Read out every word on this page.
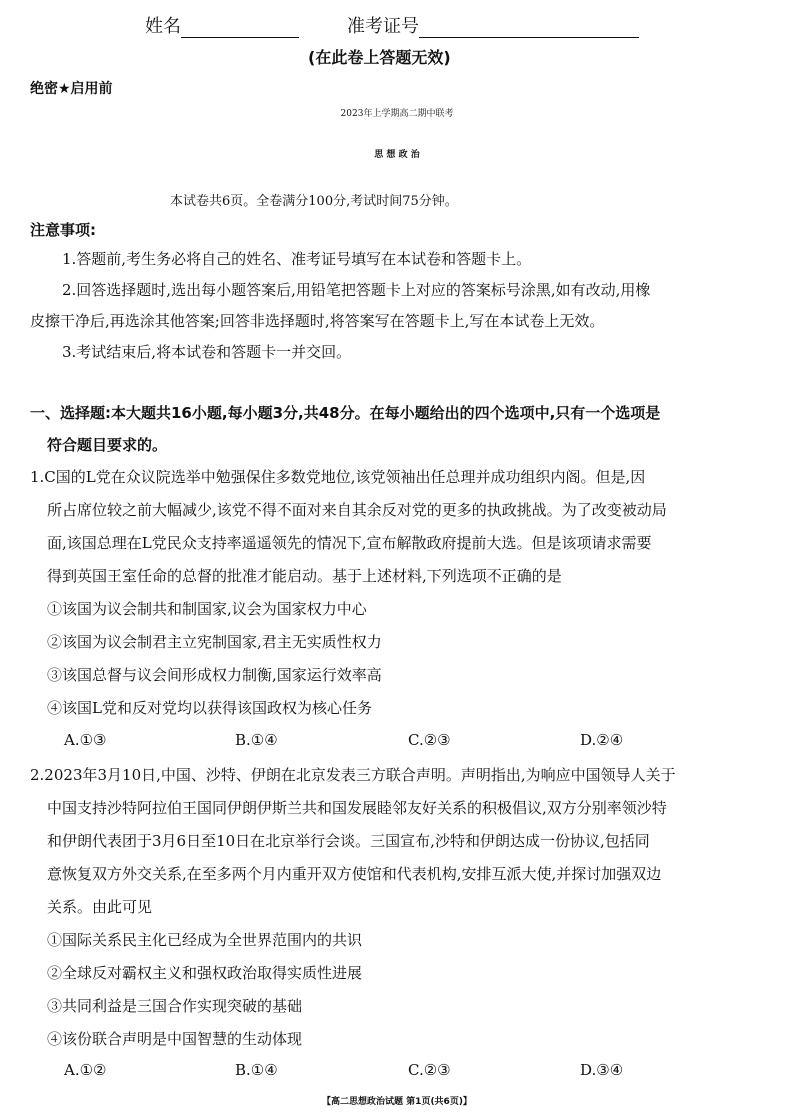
姓名	准考证号
(在此卷上答题无效)
绝密★启用前
2023年上学期高二期中联考
思 想 政 治
本试卷共6页。全卷满分100分,考试时间75分钟。
注意事项:
1.答题前,考生务必将自己的姓名、准考证号填写在本试卷和答题卡上。
2.回答选择题时,选出每小题答案后,用铅笔把答题卡上对应的答案标号涂黑,如有改动,用橡
皮擦干净后,再选涂其他答案;回答非选择题时,将答案写在答题卡上,写在本试卷上无效。
3.考试结束后,将本试卷和答题卡一并交回。
一、选择题:本大题共16小题,每小题3分,共48分。在每小题给出的四个选项中,只有一个选项是
符合题目要求的。
1.C国的L党在众议院选举中勉强保住多数党地位,该党领袖出任总理并成功组织内阁。但是,因
所占席位较之前大幅减少,该党不得不面对来自其余反对党的更多的执政挑战。为了改变被动局
面,该国总理在L党民众支持率遥遥领先的情况下,宣布解散政府提前大选。但是该项请求需要
得到英国王室任命的总督的批准才能启动。基于上述材料,下列选项不正确的是
①该国为议会制共和制国家,议会为国家权力中心
②该国为议会制君主立宪制国家,君主无实质性权力
③该国总督与议会间形成权力制衡,国家运行效率高
④该国L党和反对党均以获得该国政权为核心任务
A.①③	B.①④	C.②③	D.②④
2.2023年3月10日,中国、沙特、伊朗在北京发表三方联合声明。声明指出,为响应中国领导人关于
中国支持沙特阿拉伯王国同伊朗伊斯兰共和国发展睦邻友好关系的积极倡议,双方分别率领沙特
和伊朗代表团于3月6日至10日在北京举行会谈。三国宣布,沙特和伊朗达成一份协议,包括同
意恢复双方外交关系,在至多两个月内重开双方使馆和代表机构,安排互派大使,并探讨加强双边
关系。由此可见
①国际关系民主化已经成为全世界范围内的共识
②全球反对霸权主义和强权政治取得实质性进展
③共同利益是三国合作实现突破的基础
④该份联合声明是中国智慧的生动体现
A.①②	B.①④	C.②③	D.③④
【高二思想政治试题 第1页(共6页)】
